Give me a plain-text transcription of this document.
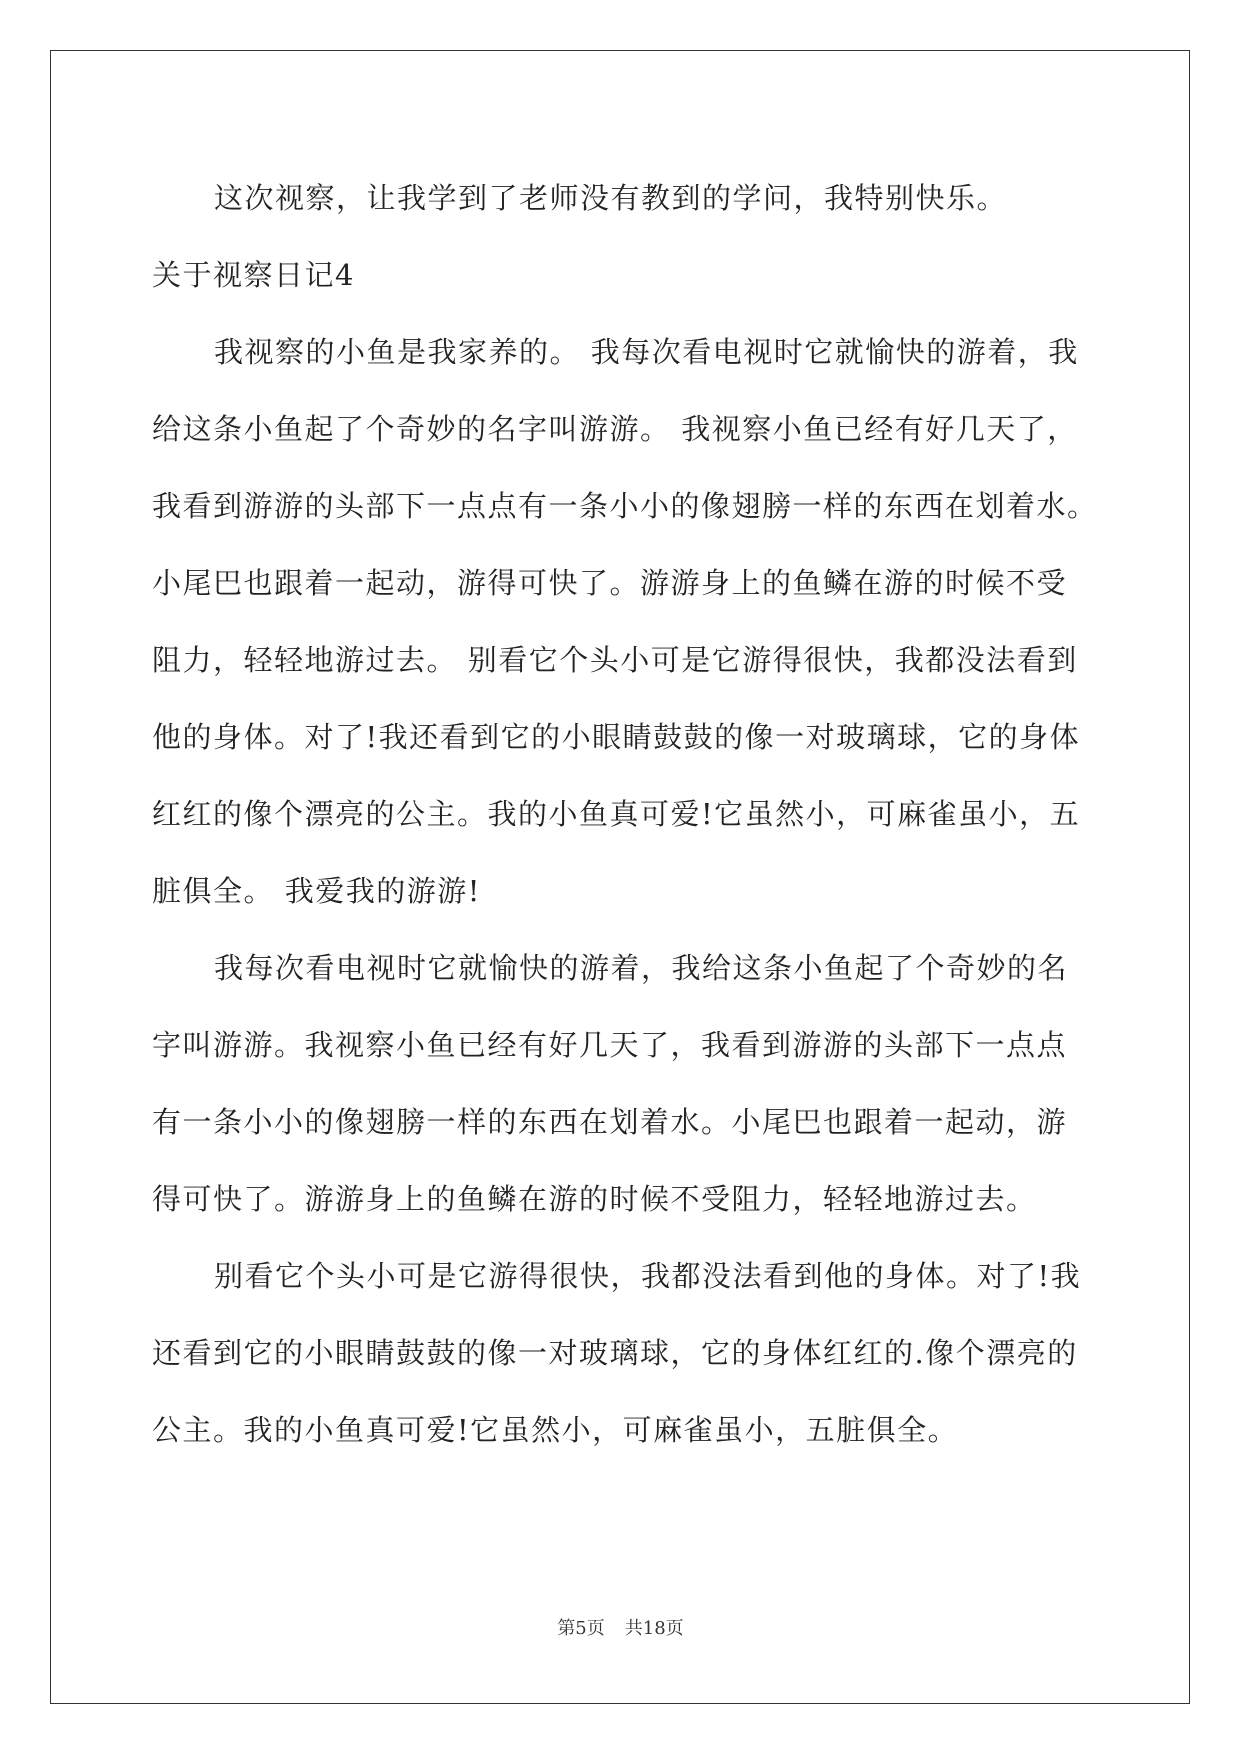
这次视察，让我学到了老师没有教到的学问，我特别快乐。
关于视察日记4
我视察的小鱼是我家养的。 我每次看电视时它就愉快的游着，我
给这条小鱼起了个奇妙的名字叫游游。 我视察小鱼已经有好几天了，
我看到游游的头部下一点点有一条小小的像翅膀一样的东西在划着水。
小尾巴也跟着一起动，游得可快了。游游身上的鱼鳞在游的时候不受
阻力，轻轻地游过去。 别看它个头小可是它游得很快，我都没法看到
他的身体。对了!我还看到它的小眼睛鼓鼓的像一对玻璃球，它的身体
红红的像个漂亮的公主。我的小鱼真可爱!它虽然小，可麻雀虽小，五
脏俱全。 我爱我的游游!
我每次看电视时它就愉快的游着，我给这条小鱼起了个奇妙的名
字叫游游。我视察小鱼已经有好几天了，我看到游游的头部下一点点
有一条小小的像翅膀一样的东西在划着水。小尾巴也跟着一起动，游
得可快了。游游身上的鱼鳞在游的时候不受阻力，轻轻地游过去。
别看它个头小可是它游得很快，我都没法看到他的身体。对了!我
还看到它的小眼睛鼓鼓的像一对玻璃球，它的身体红红的.像个漂亮的
公主。我的小鱼真可爱!它虽然小，可麻雀虽小，五脏俱全。
第5页 共18页
